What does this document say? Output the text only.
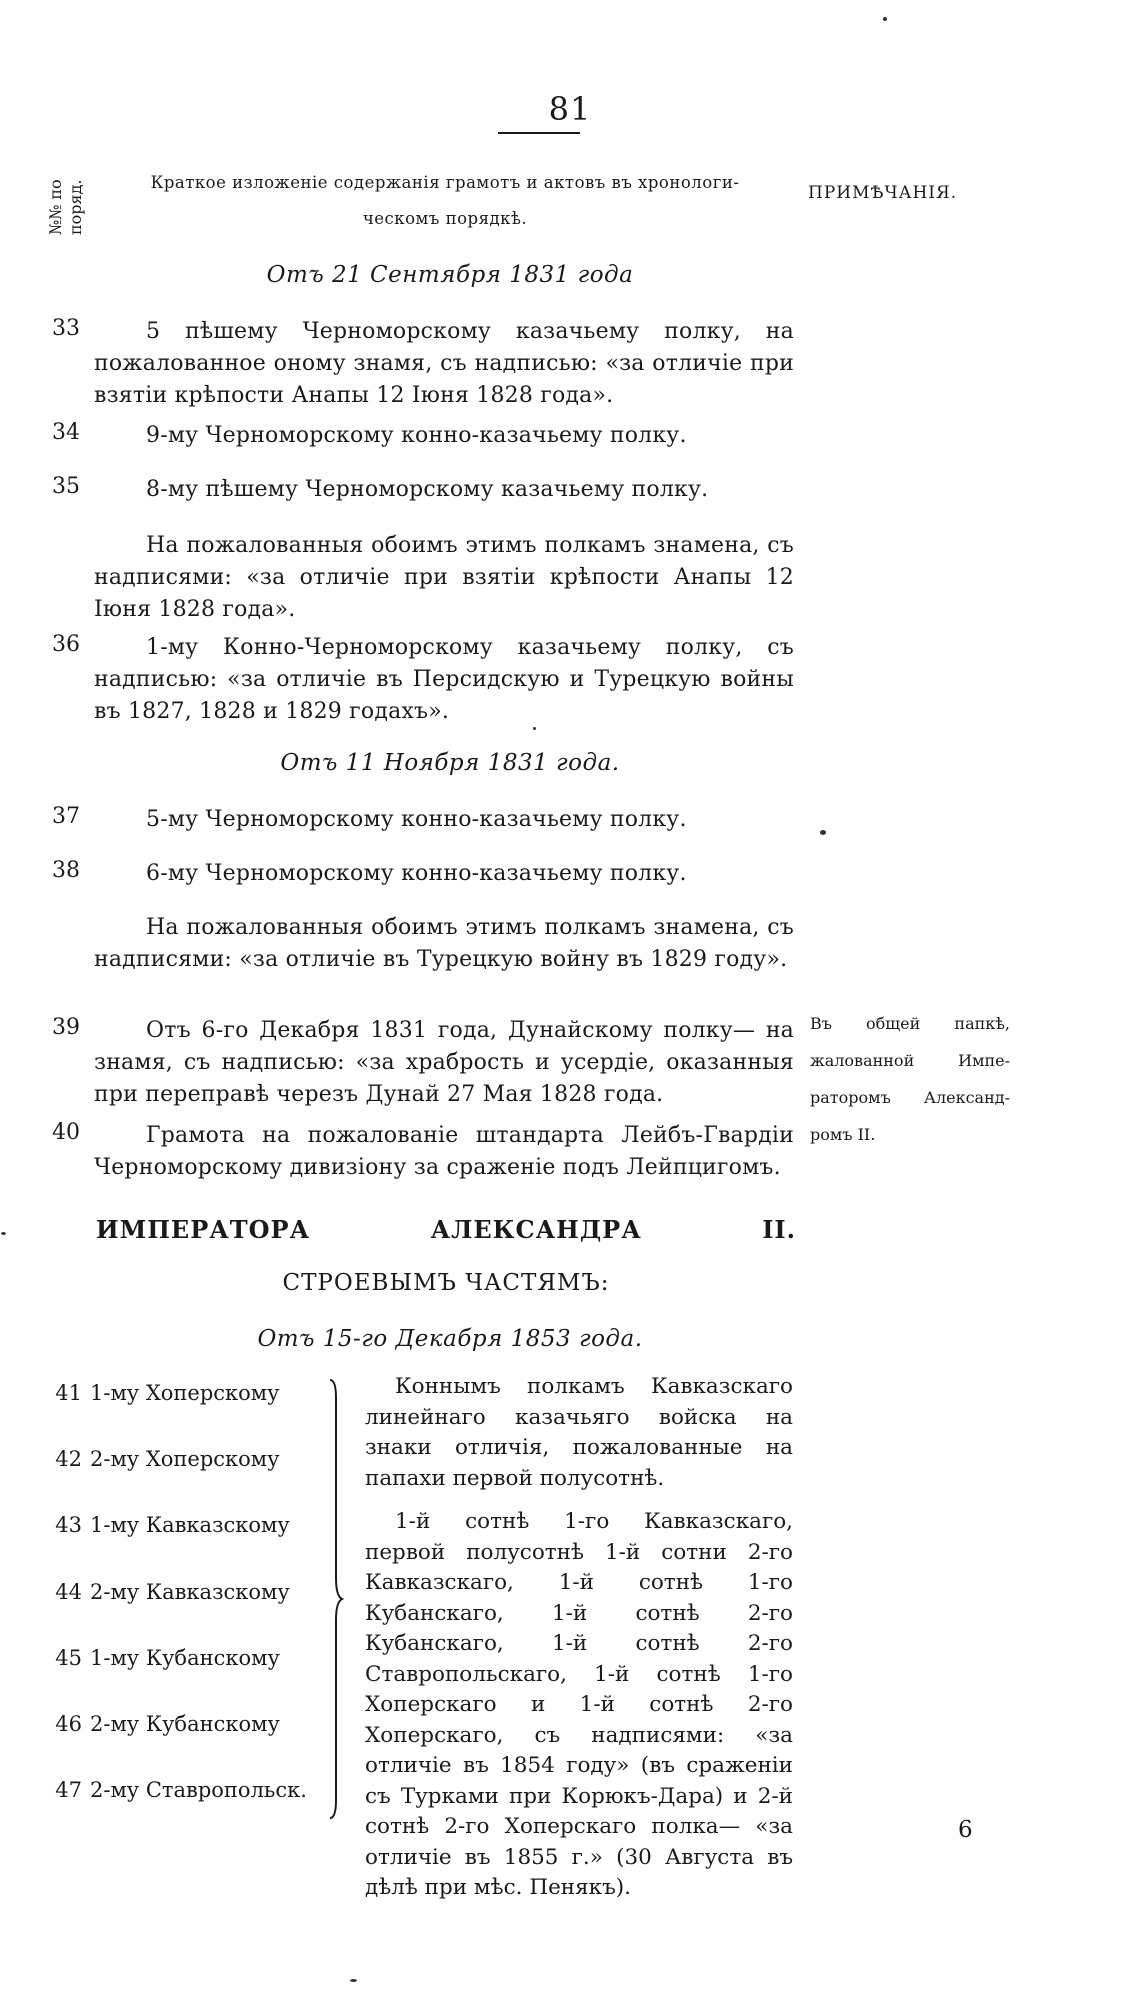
81
№№ по поряд.	Краткое изложеніе содержанія грамотъ и актовъ въ хронологи-
ческомъ порядкѣ.
ПРИМѢЧАНІЯ.
Отъ 21 Сентября 1831 года
33	5 пѣшему Черноморскому казачьему полку, на пожалованное оному знамя, съ надписью: «за отличіе при взятіи крѣпости Анапы 12 Іюня 1828 года».
34	9-му Черноморскому конно-казачьему полку.
35	8-му пѣшему Черноморскому казачьему полку.
На пожалованныя обоимъ этимъ полкамъ знамена, съ надписями: «за отличіе при взятіи крѣпости Анапы 12 Іюня 1828 года».
36	1-му Конно-Черноморскому казачьему полку, съ надписью: «за отличіе въ Персидскую и Турецкую войны въ 1827, 1828 и 1829 годахъ».
Отъ 11 Ноября 1831 года.
37	5-му Черноморскому конно-казачьему полку.
38	6-му Черноморскому конно-казачьему полку.
На пожалованныя обоимъ этимъ полкамъ знамена, съ надписями: «за отличіе въ Турецкую войну въ 1829 году».
39	Отъ 6-го Декабря 1831 года, Дунайскому полку— на знамя, съ надписью: «за храбрость и усердіе, оказанныя при переправѣ черезъ Дунай 27 Мая 1828 года.
40	Грамота на пожалованіе штандарта Лейбъ-Гвардіи Черноморскому дивизіону за сраженіе подъ Лейпцигомъ.
Въ общей папкѣ,
жалованной Импе-
раторомъ Александ-
ромъ II.
ИМПЕРАТОРА АЛЕКСАНДРА II.
СТРОЕВЫМЪ ЧАСТЯМЪ:
Отъ 15-го Декабря 1853 года.
41 1-му Хоперскому
42 2-му Хоперскому
43 1-му Кавказскому
44 2-му Кавказскому
45 1-му Кубанскому
46 2-му Кубанскому
47 2-му Ставропольск.
Коннымъ полкамъ Кавказскаго линейнаго казачьяго войска на знаки отличія, пожалованные на папахи первой полусотнѣ.
1-й сотнѣ 1-го Кавказскаго, первой полусотнѣ 1-й сотни 2-го Кавказскаго, 1-й сотнѣ 1-го Кубанскаго, 1-й сотнѣ 2-го Кубанскаго, 1-й сотнѣ 2-го Ставропольскаго, 1-й сотнѣ 1-го Хоперскаго и 1-й сотнѣ 2-го Хоперскаго, съ надписями: «за отличіе въ 1854 году» (въ сраженіи съ Турками при Корюкъ-Дара) и 2-й сотнѣ 2-го Хоперскаго полка— «за отличіе въ 1855 г.» (30 Августа въ дѣлѣ при мѣс. Пенякъ).
6
